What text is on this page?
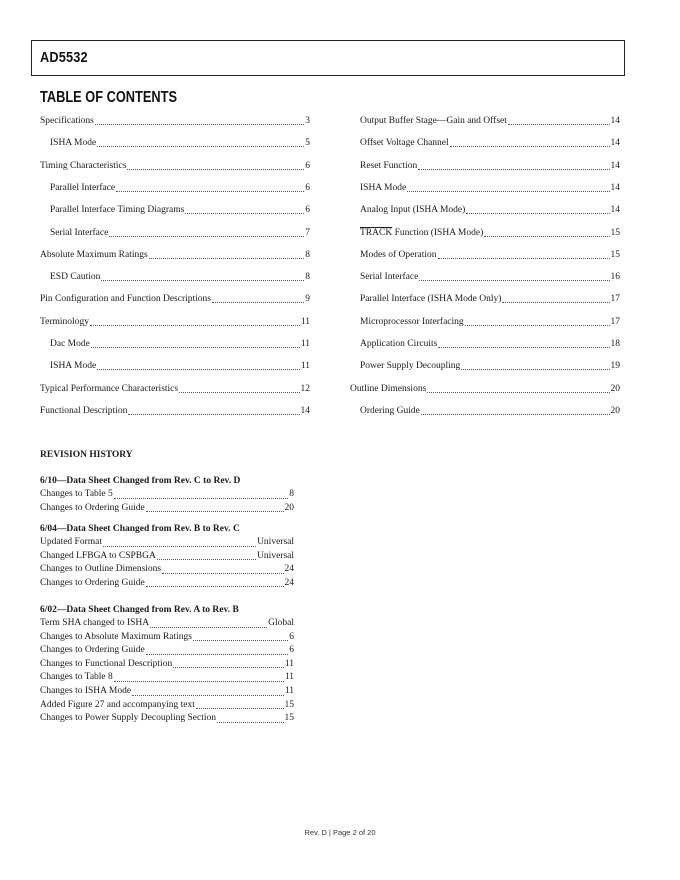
AD5532
TABLE OF CONTENTS
Specifications	3
ISHA Mode	5
Timing Characteristics	6
Parallel Interface	6
Parallel Interface Timing Diagrams	6
Serial Interface	7
Absolute Maximum Ratings	8
ESD Caution	8
Pin Configuration and Function Descriptions	9
Terminology	11
Dac Mode	11
ISHA Mode	11
Typical Performance Characteristics	12
Functional Description	14
Output Buffer Stage—Gain and Offset	14
Offset Voltage Channel	14
Reset Function	14
ISHA Mode	14
Analog Input (ISHA Mode)	14
TRACK Function (ISHA Mode)	15
Modes of Operation	15
Serial Interface	16
Parallel Interface (ISHA Mode Only)	17
Microprocessor Interfacing	17
Application Circuits	18
Power Supply Decoupling	19
Outline Dimensions	20
Ordering Guide	20
REVISION HISTORY
6/10—Data Sheet Changed from Rev. C to Rev. D
Changes to Table 5	8
Changes to Ordering Guide	20
6/04—Data Sheet Changed from Rev. B to Rev. C
Updated Format	Universal
Changed LFBGA to CSPBGA	Universal
Changes to Outline Dimensions	24
Changes to Ordering Guide	24
6/02—Data Sheet Changed from Rev. A to Rev. B
Term SHA changed to ISHA	Global
Changes to Absolute Maximum Ratings	6
Changes to Ordering Guide	6
Changes to Functional Description	11
Changes to Table 8	11
Changes to ISHA Mode	11
Added Figure 27 and accompanying text	15
Changes to Power Supply Decoupling Section	15
Rev. D | Page 2 of 20
